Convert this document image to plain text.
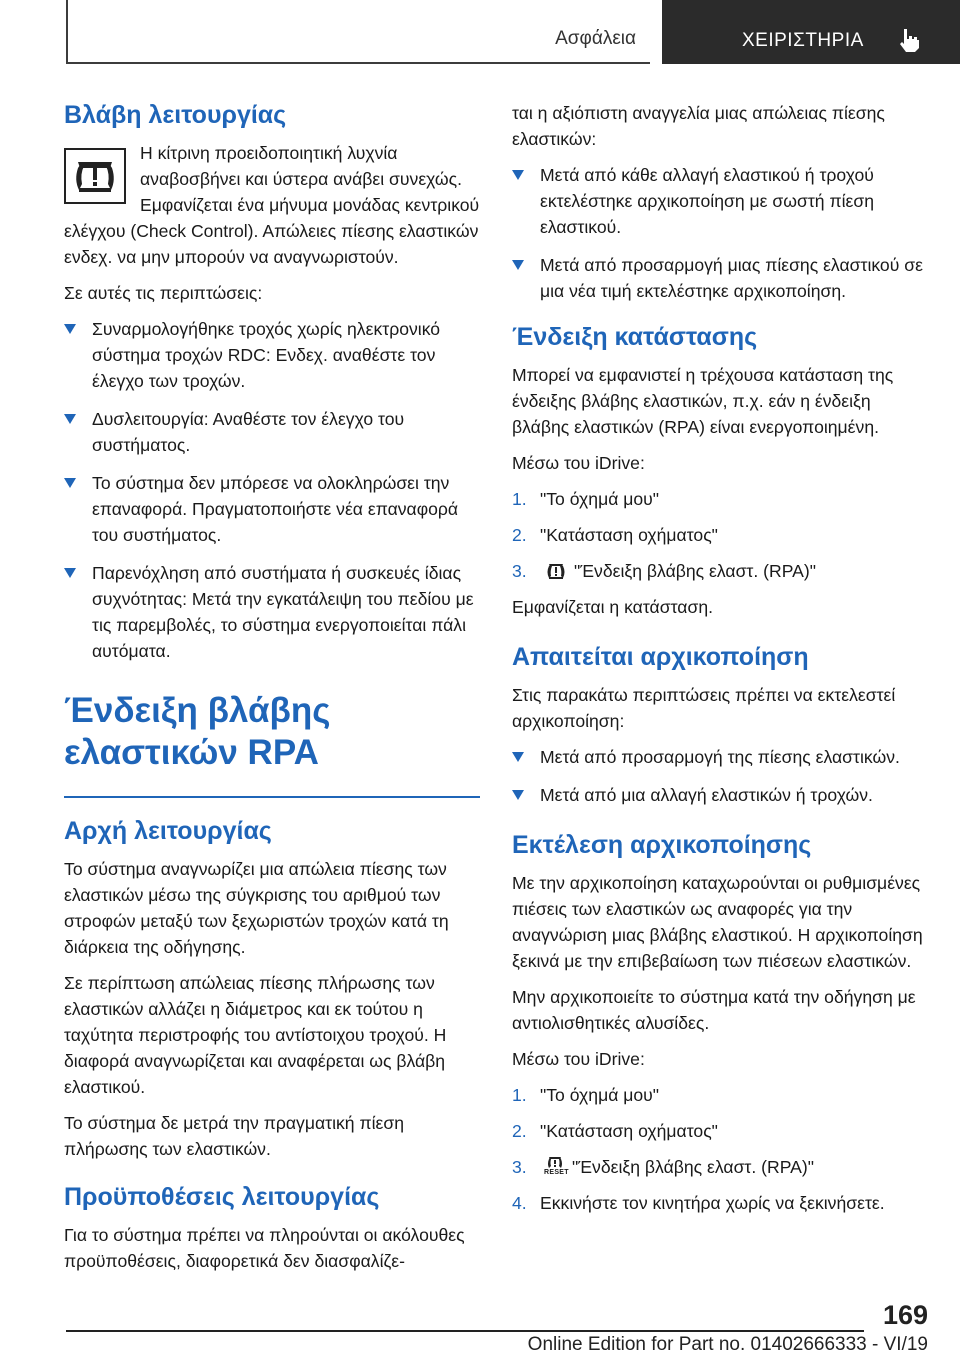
Ασφάλεια	ΧΕΙΡΙΣΤΗΡΙΑ
Βλάβη λειτουργίας

Η κίτρινη προειδοποιητική λυχνία αναβοσβήνει και ύστερα ανάβει συνεχώς. Εμφανίζεται ένα μήνυμα μονάδας κεντρικού ελέγχου (Check Control). Απώλειες πίεσης ελαστικών ενδεχ. να μην μπορούν να αναγνωριστούν.

Σε αυτές τις περιπτώσεις:

Συναρμολογήθηκε τροχός χωρίς ηλεκτρονικό σύστημα τροχών RDC: Ενδεχ. αναθέστε τον έλεγχο των τροχών.
Δυσλειτουργία: Αναθέστε τον έλεγχο του συστήματος.
Το σύστημα δεν μπόρεσε να ολοκληρώσει την επαναφορά. Πραγματοποιήστε νέα επαναφορά του συστήματος.
Παρενόχληση από συστήματα ή συσκευές ίδιας συχνότητας: Μετά την εγκατάλειψη του πεδίου με τις παρεμβολές, το σύστημα ενεργοποιείται πάλι αυτόματα.
Ένδειξη βλάβης ελαστικών RPA
Αρχή λειτουργίας

Το σύστημα αναγνωρίζει μια απώλεια πίεσης των ελαστικών μέσω της σύγκρισης του αριθμού των στροφών μεταξύ των ξεχωριστών τροχών κατά τη διάρκεια της οδήγησης.

Σε περίπτωση απώλειας πίεσης πλήρωσης των ελαστικών αλλάζει η διάμετρος και εκ τούτου η ταχύτητα περιστροφής του αντίστοιχου τροχού. Η διαφορά αναγνωρίζεται και αναφέρεται ως βλάβη ελαστικού.

Το σύστημα δε μετρά την πραγματική πίεση πλήρωσης των ελαστικών.

Προϋποθέσεις λειτουργίας

Για το σύστημα πρέπει να πληρούνται οι ακόλουθες προϋποθέσεις, διαφορετικά δεν διασφαλίζε-

ται η αξιόπιστη αναγγελία μιας απώλειας πίεσης ελαστικών:

Μετά από κάθε αλλαγή ελαστικού ή τροχού εκτελέστηκε αρχικοποίηση με σωστή πίεση ελαστικού.
Μετά από προσαρμογή μιας πίεσης ελαστικού σε μια νέα τιμή εκτελέστηκε αρχικοποίηση.
Ένδειξη κατάστασης

Μπορεί να εμφανιστεί η τρέχουσα κατάσταση της ένδειξης βλάβης ελαστικών, π.χ. εάν η ένδειξη βλάβης ελαστικών (RPA) είναι ενεργοποιημένη.

Μέσω του iDrive:

1. "Το όχημά μου"
2. "Κατάσταση οχήματος"
3.	"Ένδειξη βλάβης ελαστ. (RPA)"

Εμφανίζεται η κατάσταση.

Απαιτείται αρχικοποίηση

Στις παρακάτω περιπτώσεις πρέπει να εκτελεστεί αρχικοποίηση:

Μετά από προσαρμογή της πίεσης ελαστικών.
Μετά από μια αλλαγή ελαστικών ή τροχών.
Εκτέλεση αρχικοποίησης

Με την αρχικοποίηση καταχωρούνται οι ρυθμισμένες πιέσεις των ελαστικών ως αναφορές για την αναγνώριση μιας βλάβης ελαστικού. Η αρχικοποίηση ξεκινά με την επιβεβαίωση των πιέσεων ελαστικών.

Μην αρχικοποιείτε το σύστημα κατά την οδήγηση με αντιολισθητικές αλυσίδες.

Μέσω του iDrive:

1. "Το όχημά μου"
2. "Κατάσταση οχήματος"
3. RESET "Ένδειξη βλάβης ελαστ. (RPA)"
4. Εκκινήστε τον κινητήρα χωρίς να ξεκινήσετε.
169
Online Edition for Part no. 01402666333 - VI/19
